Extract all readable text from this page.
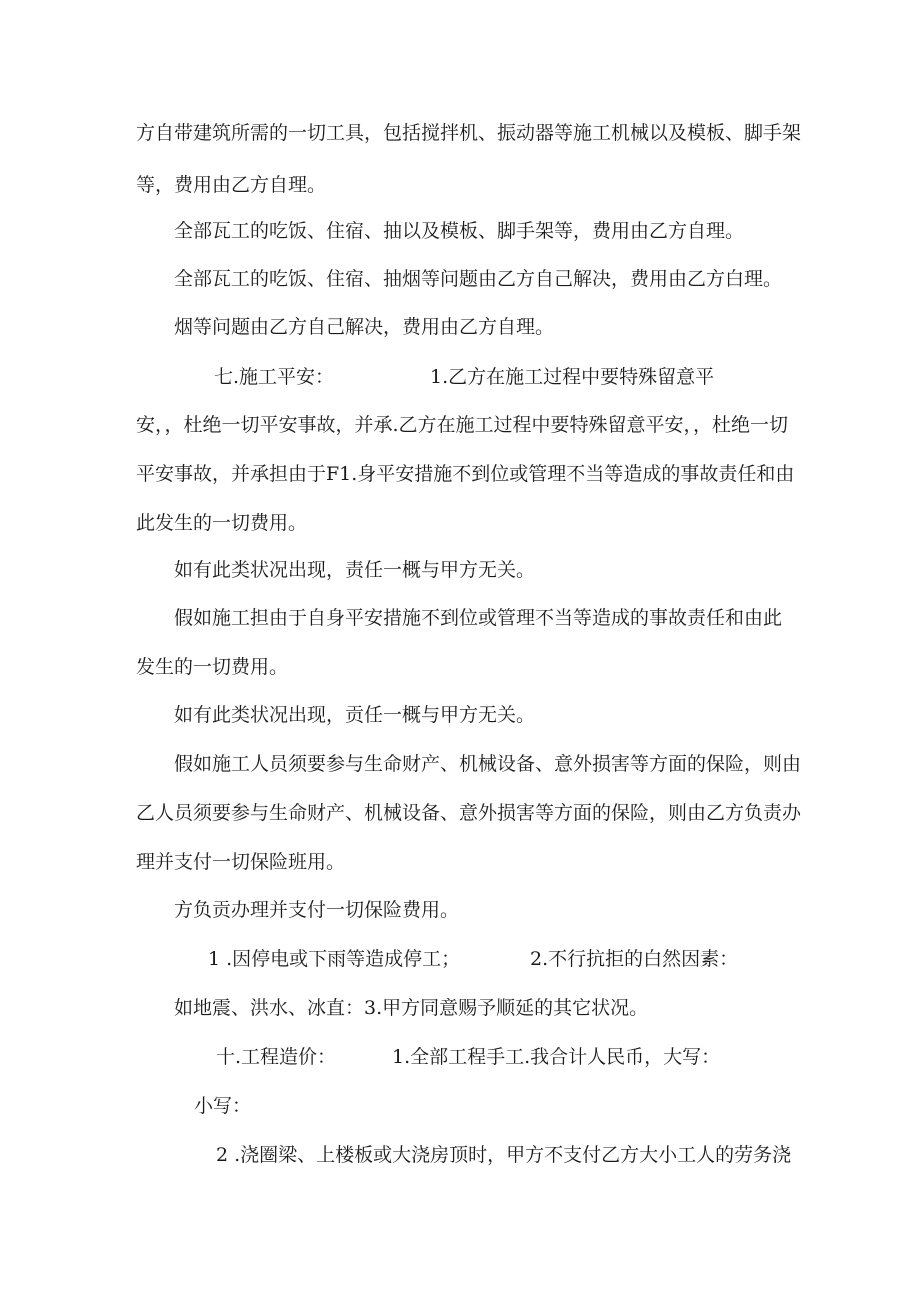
方自带建筑所需的一切工具，包括搅拌机、振动器等施工机械以及模板、脚手架
等，费用由乙方自理。
全部瓦工的吃饭、住宿、抽以及模板、脚手架等，费用由乙方自理。
全部瓦工的吃饭、住宿、抽烟等问题由乙方自己解决，费用由乙方白理。
烟等问题由乙方自己解决，费用由乙方自理。
七.施工平安：	1.乙方在施工过程中要特殊留意平
安，，杜绝一切平安事故，并承.乙方在施工过程中要特殊留意平安，，杜绝一切
平安事故，并承担由于F1.身平安措施不到位或管理不当等造成的事故责任和由
此发生的一切费用。
如有此类状况出现，责任一概与甲方无关。
假如施工担由于自身平安措施不到位或管理不当等造成的事故责任和由此
发生的一切费用。
如有此类状况出现，贡任一概与甲方无关。
假如施工人员须要参与生命财产、机械设备、意外损害等方面的保险，则由
乙人员须要参与生命财产、机械设备、意外损害等方面的保险，则由乙方负责办
理并支付一切保险班用。
方负贡办理并支付一切保险费用。
1 .因停电或下雨等造成停工；	2.不行抗拒的白然因素：
如地震、洪水、冰直：3.甲方同意赐予顺延的其它状况。
十.工程造价：	1.全部工程手工.我合计人民币，大写：
小写：
2 .浇圈梁、上楼板或大浇房顶时，甲方不支付乙方大小工人的劳务浇
